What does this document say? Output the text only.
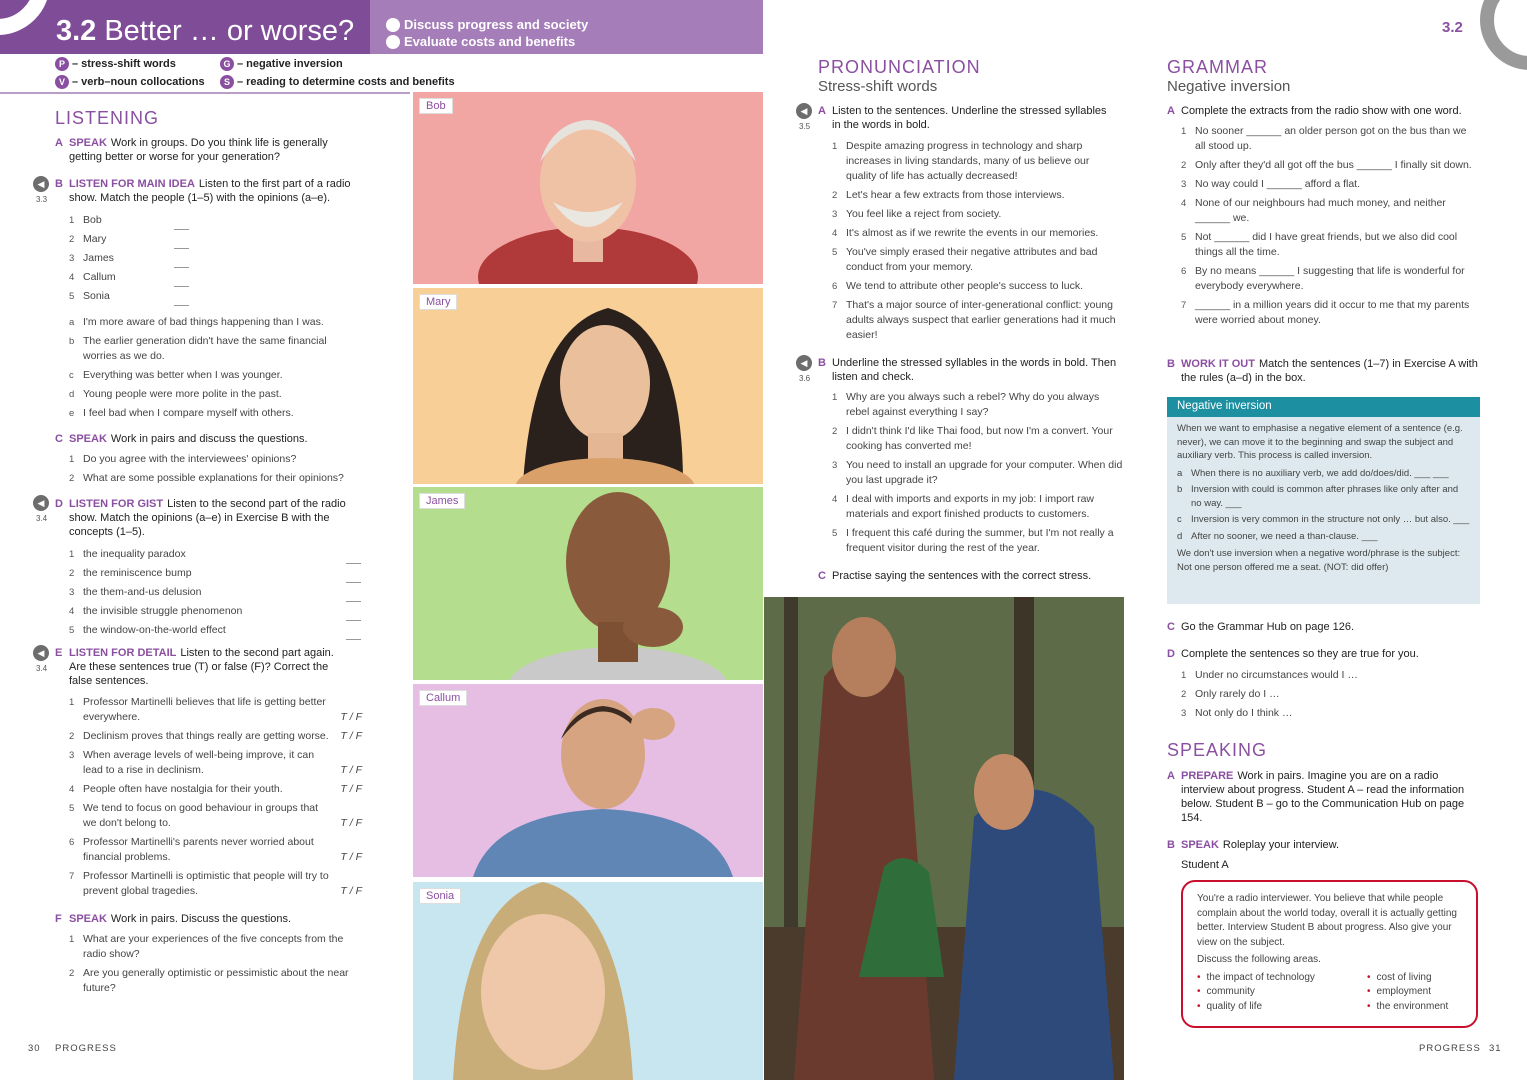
3.2 Better … or worse?	Discuss progress and society
Evaluate costs and benefits
P – stress-shift words	G – negative inversion
V – verb–noun collocations	S – reading to determine costs and benefits
LISTENING
A SPEAK Work in groups. Do you think life is generally getting better or worse for your generation?
◀
3.3
B LISTEN FOR MAIN IDEA Listen to the first part of a radio show. Match the people (1–5) with the opinions (a–e).
1 Bob
2 Mary
3 James
4 Callum
5 Sonia
a I'm more aware of bad things happening than I was.
b The earlier generation didn't have the same financial worries as we do.
c Everything was better when I was younger.
d Young people were more polite in the past.
e I feel bad when I compare myself with others.
C SPEAK Work in pairs and discuss the questions.
1 Do you agree with the interviewees' opinions?
2 What are some possible explanations for their opinions?
◀
3.4
D LISTEN FOR GIST Listen to the second part of the radio show. Match the opinions (a–e) in Exercise B with the concepts (1–5).
1 the inequality paradox
2 the reminiscence bump
3 the them-and-us delusion
4 the invisible struggle phenomenon
5 the window-on-the-world effect
◀
3.4
E LISTEN FOR DETAIL Listen to the second part again. Are these sentences true (T) or false (F)? Correct the false sentences.
1 Professor Martinelli believes that life is getting better everywhere.	T / F
2 Declinism proves that things really are getting worse.	T / F
3 When average levels of well-being improve, it can lead to a rise in declinism.	T / F
4 People often have nostalgia for their youth.	T / F
5 We tend to focus on good behaviour in groups that we don't belong to.	T / F
6 Professor Martinelli's parents never worried about financial problems.	T / F
7 Professor Martinelli is optimistic that people will try to prevent global tragedies.	T / F
F SPEAK Work in pairs. Discuss the questions.
1 What are your experiences of the five concepts from the radio show?
2 Are you generally optimistic or pessimistic about the near future?
Bob
Mary
James
Callum
Sonia
PRONUNCIATION
Stress-shift words
◀
3.5
A Listen to the sentences. Underline the stressed syllables in the words in bold.
1 Despite amazing progress in technology and sharp increases in living standards, many of us believe our quality of life has actually decreased!
2 Let's hear a few extracts from those interviews.
3 You feel like a reject from society.
4 It's almost as if we rewrite the events in our memories.
5 You've simply erased their negative attributes and bad conduct from your memory.
6 We tend to attribute other people's success to luck.
7 That's a major source of inter-generational conflict: young adults always suspect that earlier generations had it much easier!
◀
3.6
B Underline the stressed syllables in the words in bold. Then listen and check.
1 Why are you always such a rebel? Why do you always rebel against everything I say?
2 I didn't think I'd like Thai food, but now I'm a convert. Your cooking has converted me!
3 You need to install an upgrade for your computer. When did you last upgrade it?
4 I deal with imports and exports in my job: I import raw materials and export finished products to customers.
5 I frequent this café during the summer, but I'm not really a frequent visitor during the rest of the year.
C Practise saying the sentences with the correct stress.
3.2
GRAMMAR
Negative inversion
A Complete the extracts from the radio show with one word.
1 No sooner ______ an older person got on the bus than we all stood up.
2 Only after they'd all got off the bus ______ I finally sit down.
3 No way could I ______ afford a flat.
4 None of our neighbours had much money, and neither ______ we.
5 Not ______ did I have great friends, but we also did cool things all the time.
6 By no means ______ I suggesting that life is wonderful for everybody everywhere.
7 ______ in a million years did it occur to me that my parents were worried about money.
B WORK IT OUT Match the sentences (1–7) in Exercise A with the rules (a–d) in the box.
Negative inversion
When we want to emphasise a negative element of a sentence (e.g. never), we can move it to the beginning and swap the subject and auxiliary verb. This process is called inversion.
a When there is no auxiliary verb, we add do/does/did. ___ ___
b Inversion with could is common after phrases like only after and no way. ___
c Inversion is very common in the structure not only … but also. ___
d After no sooner, we need a than-clause. ___
We don't use inversion when a negative word/phrase is the subject: Not one person offered me a seat. (NOT: did offer)
C Go the Grammar Hub on page 126.
D Complete the sentences so they are true for you.
1 Under no circumstances would I …
2 Only rarely do I …
3 Not only do I think …
SPEAKING
A PREPARE Work in pairs. Imagine you are on a radio interview about progress. Student A – read the information below. Student B – go to the Communication Hub on page 154.
B SPEAK Roleplay your interview.
Student A
You're a radio interviewer. You believe that while people complain about the world today, overall it is actually getting better. Interview Student B about progress. Also give your view on the subject.
Discuss the following areas.
• the impact of technology
• community
• quality of life
• cost of living
• employment
• the environment
30 PROGRESS	PROGRESS 31
